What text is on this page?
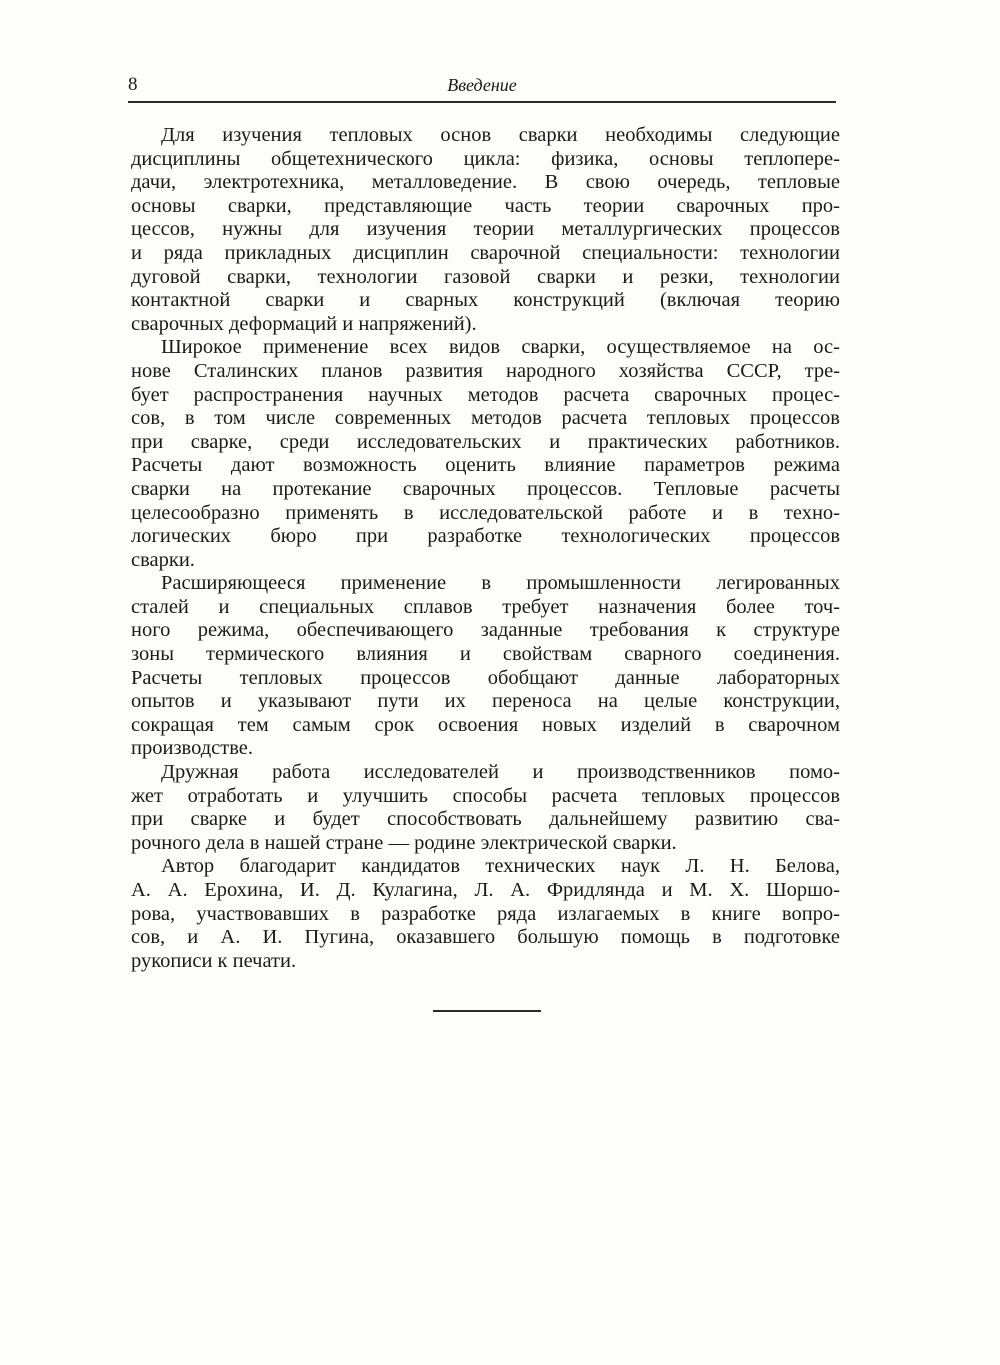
8	Введение
Для изучения тепловых основ сварки необходимы следующие
дисциплины общетехнического цикла: физика, основы теплопере-
дачи, электротехника, металловедение. В свою очередь, тепловые
основы сварки, представляющие часть теории сварочных про-
цессов, нужны для изучения теории металлургических процессов
и ряда прикладных дисциплин сварочной специальности: технологии
дуговой сварки, технологии газовой сварки и резки, технологии
контактной сварки и сварных конструкций (включая теорию
сварочных деформаций и напряжений).
Широкое применение всех видов сварки, осуществляемое на ос-
нове Сталинских планов развития народного хозяйства СССР, тре-
бует распространения научных методов расчета сварочных процес-
сов, в том числе современных методов расчета тепловых процессов
при сварке, среди исследовательских и практических работников.
Расчеты дают возможность оценить влияние параметров режима
сварки на протекание сварочных процессов. Тепловые расчеты
целесообразно применять в исследовательской работе и в техно-
логических бюро при разработке технологических процессов
сварки.
Расширяющееся применение в промышленности легированных
сталей и специальных сплавов требует назначения более точ-
ного режима, обеспечивающего заданные требования к структуре
зоны термического влияния и свойствам сварного соединения.
Расчеты тепловых процессов обобщают данные лабораторных
опытов и указывают пути их переноса на целые конструкции,
сокращая тем самым срок освоения новых изделий в сварочном
производстве.
Дружная работа исследователей и производственников помо-
жет отработать и улучшить способы расчета тепловых процессов
при сварке и будет способствовать дальнейшему развитию сва-
рочного дела в нашей стране — родине электрической сварки.
Автор благодарит кандидатов технических наук Л. Н. Белова,
А. А. Ерохина, И. Д. Кулагина, Л. А. Фридлянда и М. Х. Шоршо-
рова, участвовавших в разработке ряда излагаемых в книге вопро-
сов, и А. И. Пугина, оказавшего большую помощь в подготовке
рукописи к печати.
